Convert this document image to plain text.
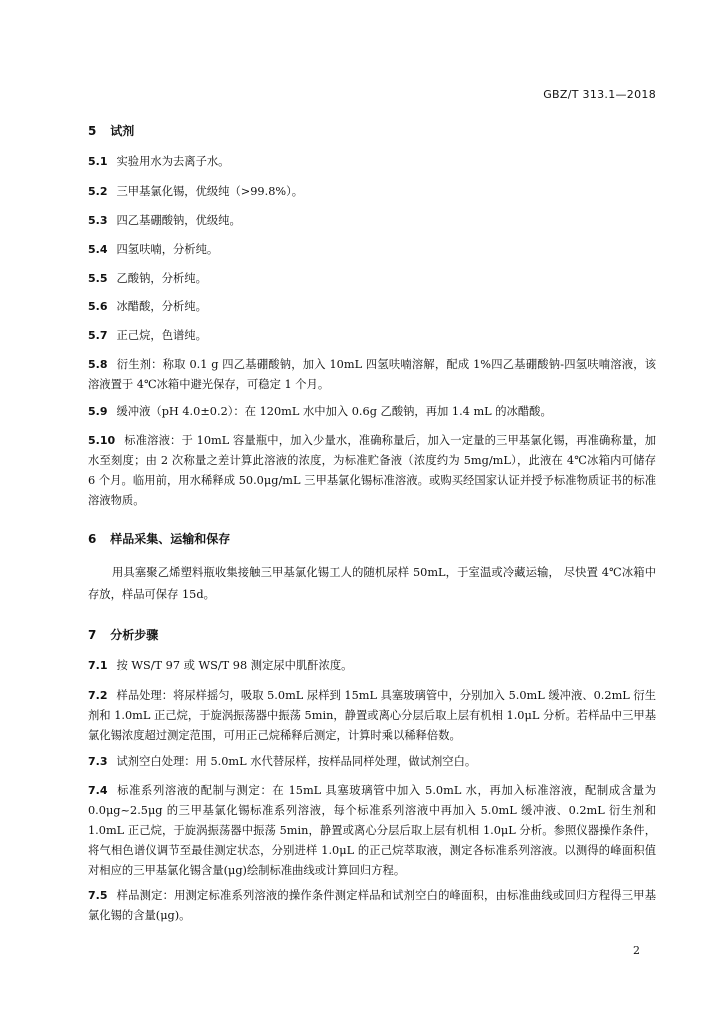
GBZ/T 313.1—2018
5 试剂
5.1 实验用水为去离子水。
5.2 三甲基氯化锡，优级纯（>99.8%）。
5.3 四乙基硼酸钠，优级纯。
5.4 四氢呋喃，分析纯。
5.5 乙酸钠，分析纯。
5.6 冰醋酸，分析纯。
5.7 正己烷，色谱纯。
5.8 衍生剂：称取 0.1 g 四乙基硼酸钠，加入 10mL 四氢呋喃溶解，配成 1%四乙基硼酸钠-四氢呋喃溶液，该溶液置于 4℃冰箱中避光保存，可稳定 1 个月。
5.9 缓冲液（pH 4.0±0.2）：在 120mL 水中加入 0.6g 乙酸钠，再加 1.4 mL 的冰醋酸。
5.10 标准溶液：于 10mL 容量瓶中，加入少量水，准确称量后，加入一定量的三甲基氯化锡，再准确称量，加水至刻度；由 2 次称量之差计算此溶液的浓度，为标准贮备液（浓度约为 5mg/mL），此液在 4℃冰箱内可储存 6 个月。临用前，用水稀释成 50.0μg/mL 三甲基氯化锡标准溶液。或购买经国家认证并授予标准物质证书的标准溶液物质。
6 样品采集、运输和保存
用具塞聚乙烯塑料瓶收集接触三甲基氯化锡工人的随机尿样 50mL，于室温或冷藏运输， 尽快置 4℃冰箱中存放，样品可保存 15d。
7 分析步骤
7.1 按 WS/T 97 或 WS/T 98 测定尿中肌酐浓度。
7.2 样品处理：将尿样摇匀，吸取 5.0mL 尿样到 15mL 具塞玻璃管中，分别加入 5.0mL 缓冲液、0.2mL 衍生剂和 1.0mL 正己烷，于旋涡振荡器中振荡 5min，静置或离心分层后取上层有机相 1.0μL 分析。若样品中三甲基氯化锡浓度超过测定范围，可用正己烷稀释后测定，计算时乘以稀释倍数。
7.3 试剂空白处理：用 5.0mL 水代替尿样，按样品同样处理，做试剂空白。
7.4 标准系列溶液的配制与测定：在 15mL 具塞玻璃管中加入 5.0mL 水，再加入标准溶液，配制成含量为 0.0μg~2.5μg 的三甲基氯化锡标准系列溶液，每个标准系列溶液中再加入 5.0mL 缓冲液、0.2mL 衍生剂和 1.0mL 正己烷，于旋涡振荡器中振荡 5min，静置或离心分层后取上层有机相 1.0μL 分析。参照仪器操作条件，将气相色谱仪调节至最佳测定状态，分别进样 1.0μL 的正己烷萃取液，测定各标准系列溶液。以测得的峰面积值对相应的三甲基氯化锡含量(μg)绘制标准曲线或计算回归方程。
7.5 样品测定：用测定标准系列溶液的操作条件测定样品和试剂空白的峰面积，由标准曲线或回归方程得三甲基氯化锡的含量(μg)。
2
